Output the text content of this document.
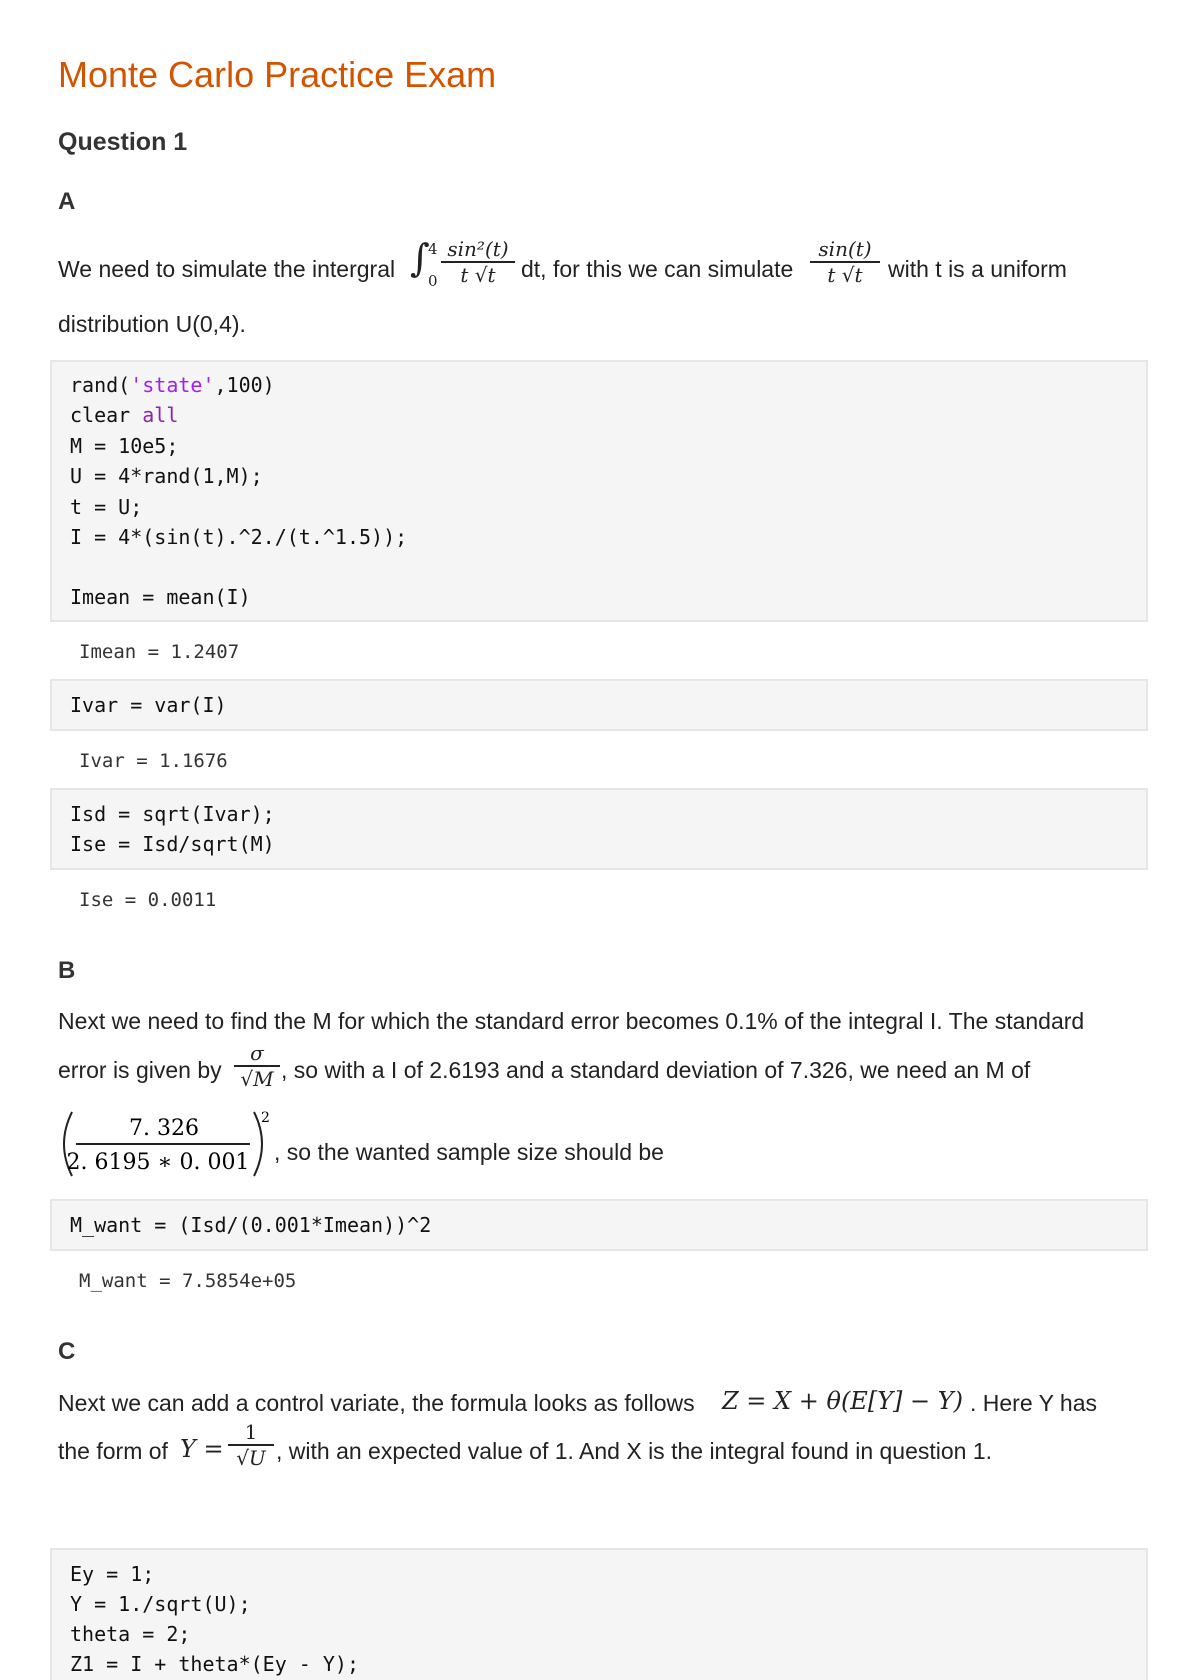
Monte Carlo Practice Exam
Question 1
A
We need to simulate the intergral ∫
4
0
sin²(t)
t √t	dt, for this we can simulate
sin(t)
t √t	with t is a uniform
distribution U(0,4).
rand('state',100)
clear all
M = 10e5;
U = 4*rand(1,M);
t = U;
I = 4*(sin(t).^2./(t.^1.5));
Imean = mean(I)
Imean = 1.2407
Ivar = var(I)
Ivar = 1.1676
Isd = sqrt(Ivar);
Ise = Isd/sqrt(M)
Ise = 0.0011
B
Next we need to find the M for which the standard error becomes 0.1% of the integral I. The standard
error is given by
σ
√M , so with a I of 2.6193 and a standard deviation of 7.326, we need an M of
7. 326
2. 6195 ∗ 0. 001
2
, so the wanted sample size should be
M_want = (Isd/(0.001*Imean))^2
M_want = 7.5854e+05
C
Next we can add a control variate, the formula looks as follows Z = X + θ(E[Y] − Y) . Here Y has
the form of Y =
1
√U , with an expected value of 1. And X is the integral found in question 1.
Ey = 1;
Y = 1./sqrt(U);
theta = 2;
Z1 = I + theta*(Ey - Y);
